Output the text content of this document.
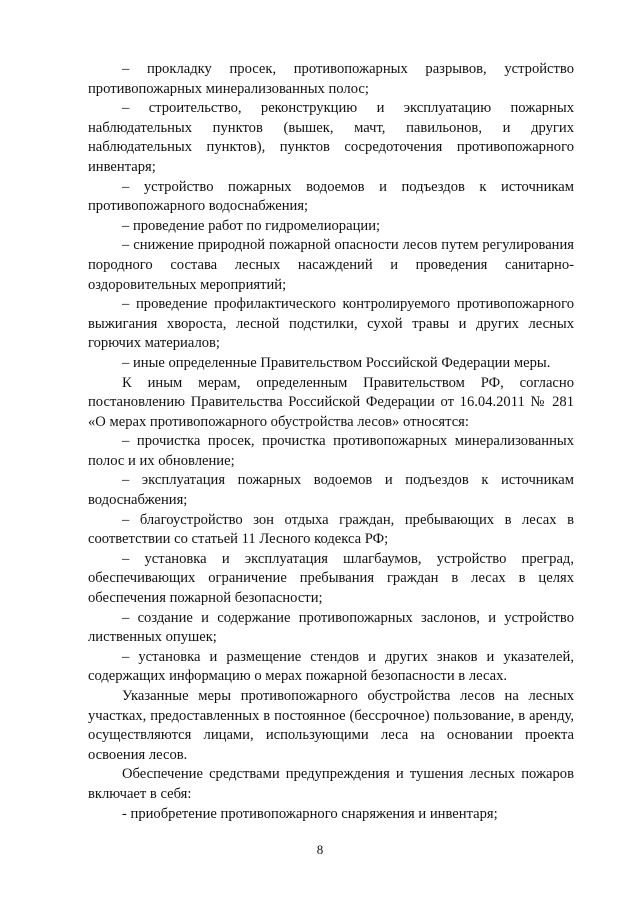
– прокладку просек, противопожарных разрывов, устройство противопожарных минерализованных полос;

– строительство, реконструкцию и эксплуатацию пожарных наблюдательных пунктов (вышек, мачт, павильонов, и других наблюдательных пунктов), пунктов сосредоточения противопожарного инвентаря;

– устройство пожарных водоемов и подъездов к источникам противопожарного водоснабжения;

– проведение работ по гидромелиорации;

– снижение природной пожарной опасности лесов путем регулирования породного состава лесных насаждений и проведения санитарно-оздоровительных мероприятий;

– проведение профилактического контролируемого противопожарного выжигания хвороста, лесной подстилки, сухой травы и других лесных горючих материалов;

– иные определенные Правительством Российской Федерации меры.

К иным мерам, определенным Правительством РФ, согласно постановлению Правительства Российской Федерации от 16.04.2011 № 281 «О мерах противопожарного обустройства лесов» относятся:

– прочистка просек, прочистка противопожарных минерализованных полос и их обновление;

– эксплуатация пожарных водоемов и подъездов к источникам водоснабжения;

– благоустройство зон отдыха граждан, пребывающих в лесах в соответствии со статьей 11 Лесного кодекса РФ;

– установка и эксплуатация шлагбаумов, устройство преград, обеспечивающих ограничение пребывания граждан в лесах в целях обеспечения пожарной безопасности;

– создание и содержание противопожарных заслонов, и устройство лиственных опушек;

– установка и размещение стендов и других знаков и указателей, содержащих информацию о мерах пожарной безопасности в лесах.

Указанные меры противопожарного обустройства лесов на лесных участках, предоставленных в постоянное (бессрочное) пользование, в аренду, осуществляются лицами, использующими леса на основании проекта освоения лесов.

Обеспечение средствами предупреждения и тушения лесных пожаров включает в себя:

- приобретение противопожарного снаряжения и инвентаря;

8
